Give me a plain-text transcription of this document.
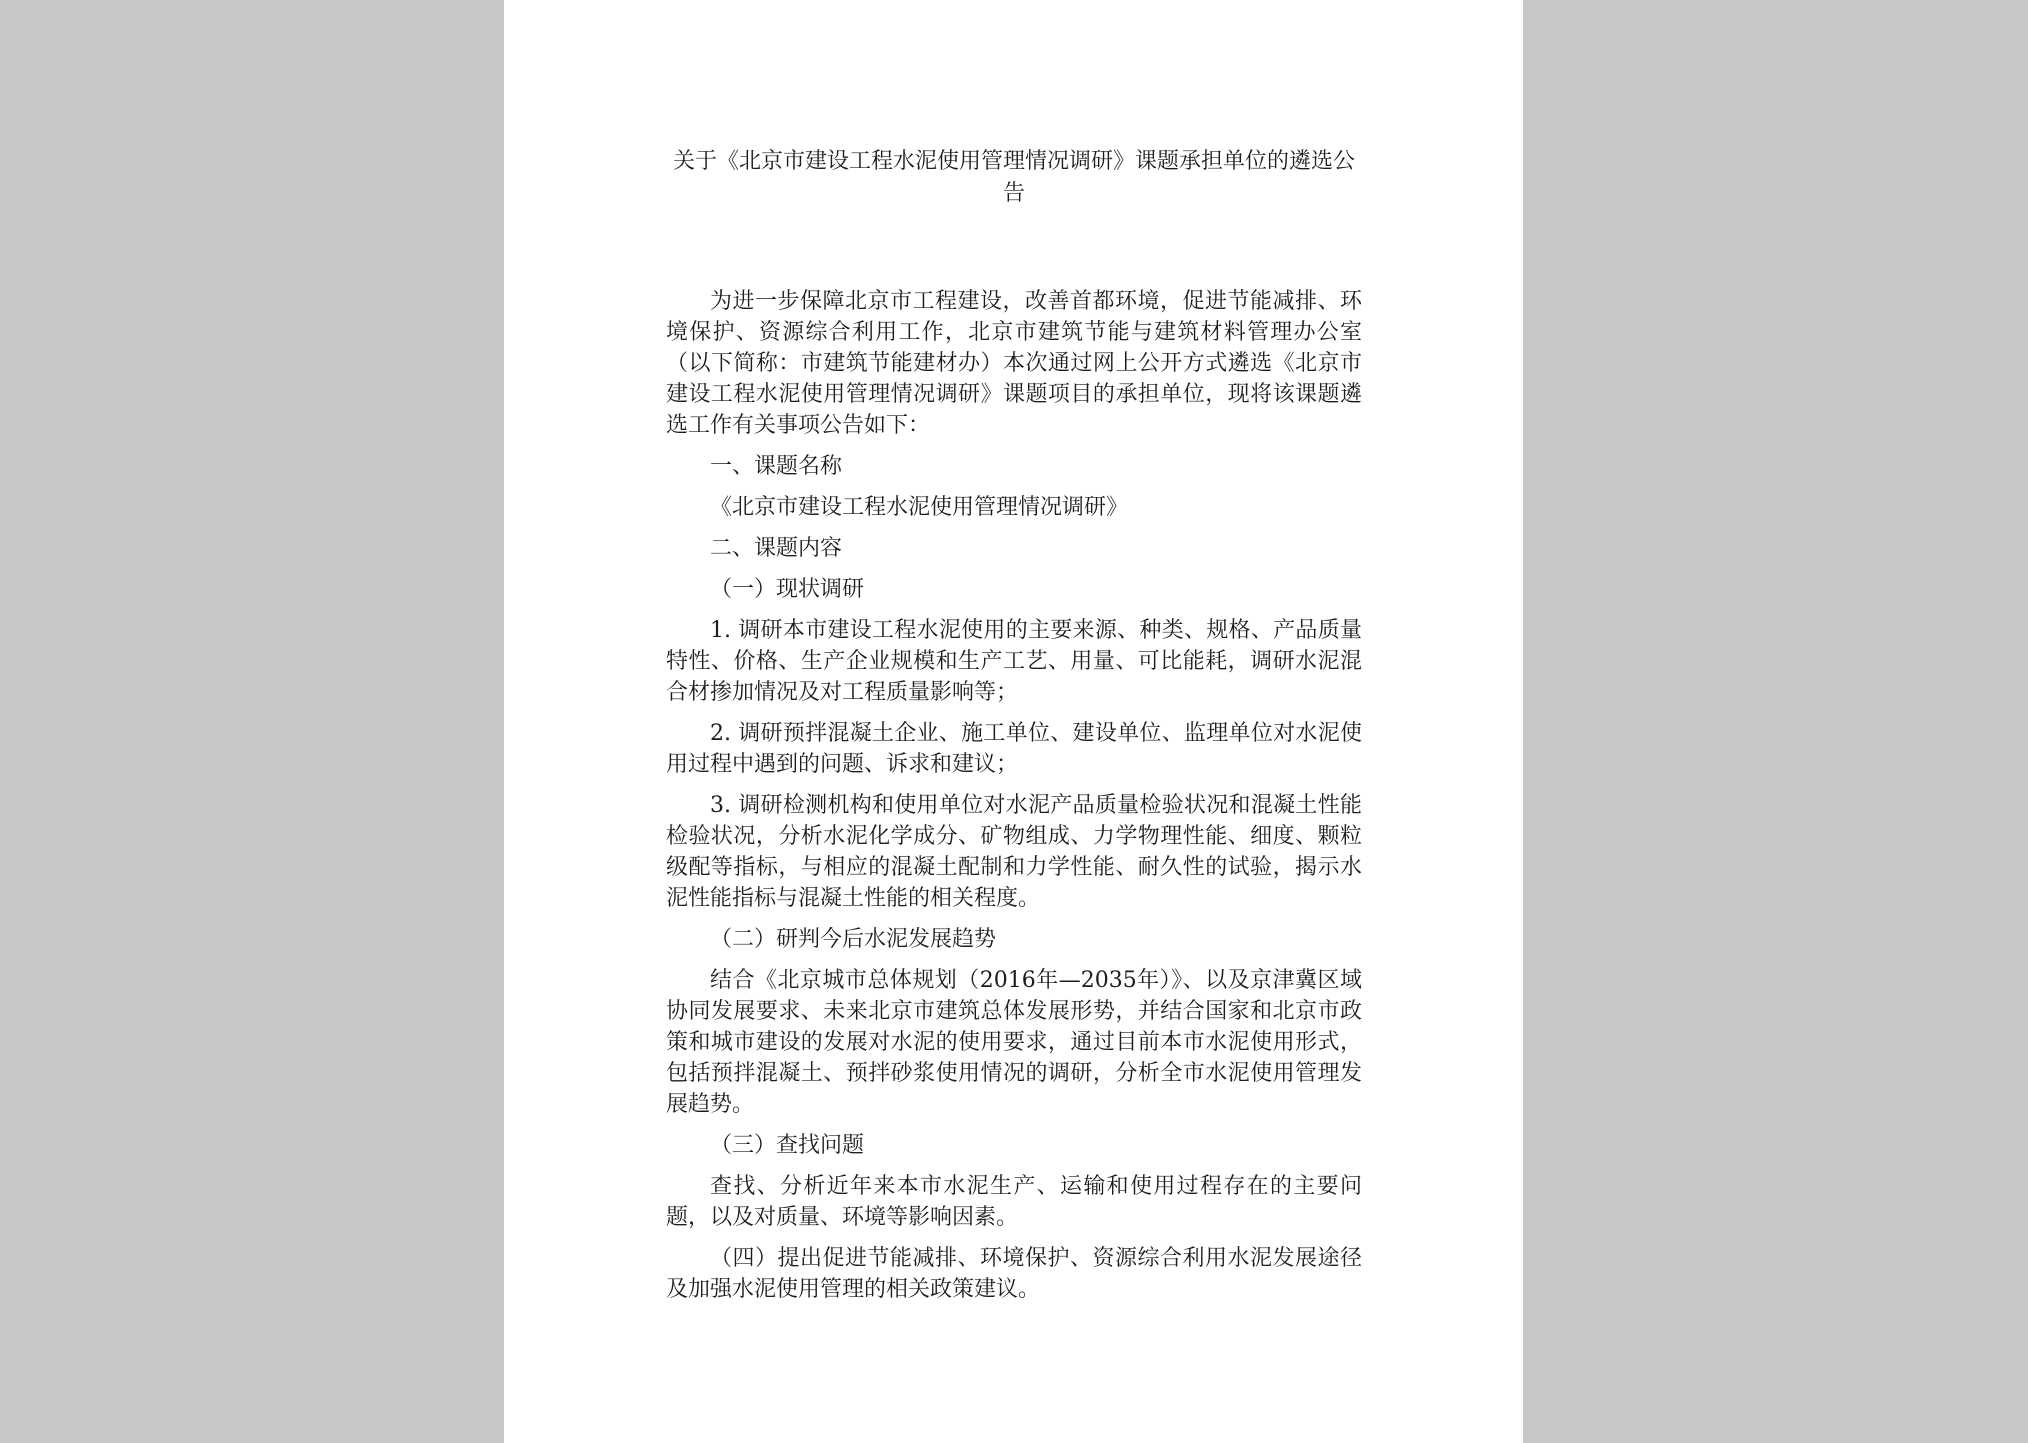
关于《北京市建设工程水泥使用管理情况调研》课题承担单位的遴选公告

为进一步保障北京市工程建设，改善首都环境，促进节能减排、环境保护、资源综合利用工作，北京市建筑节能与建筑材料管理办公室（以下简称：市建筑节能建材办）本次通过网上公开方式遴选《北京市建设工程水泥使用管理情况调研》课题项目的承担单位，现将该课题遴选工作有关事项公告如下：

一、课题名称

《北京市建设工程水泥使用管理情况调研》

二、课题内容

（一）现状调研

1. 调研本市建设工程水泥使用的主要来源、种类、规格、产品质量特性、价格、生产企业规模和生产工艺、用量、可比能耗，调研水泥混合材掺加情况及对工程质量影响等；

2. 调研预拌混凝土企业、施工单位、建设单位、监理单位对水泥使用过程中遇到的问题、诉求和建议；

3. 调研检测机构和使用单位对水泥产品质量检验状况和混凝土性能检验状况，分析水泥化学成分、矿物组成、力学物理性能、细度、颗粒级配等指标，与相应的混凝土配制和力学性能、耐久性的试验，揭示水泥性能指标与混凝土性能的相关程度。

（二）研判今后水泥发展趋势

结合《北京城市总体规划（2016年—2035年）》、以及京津冀区域协同发展要求、未来北京市建筑总体发展形势，并结合国家和北京市政策和城市建设的发展对水泥的使用要求，通过目前本市水泥使用形式，包括预拌混凝土、预拌砂浆使用情况的调研，分析全市水泥使用管理发展趋势。

（三）查找问题

查找、分析近年来本市水泥生产、运输和使用过程存在的主要问题，以及对质量、环境等影响因素。

（四）提出促进节能减排、环境保护、资源综合利用水泥发展途径及加强水泥使用管理的相关政策建议。
